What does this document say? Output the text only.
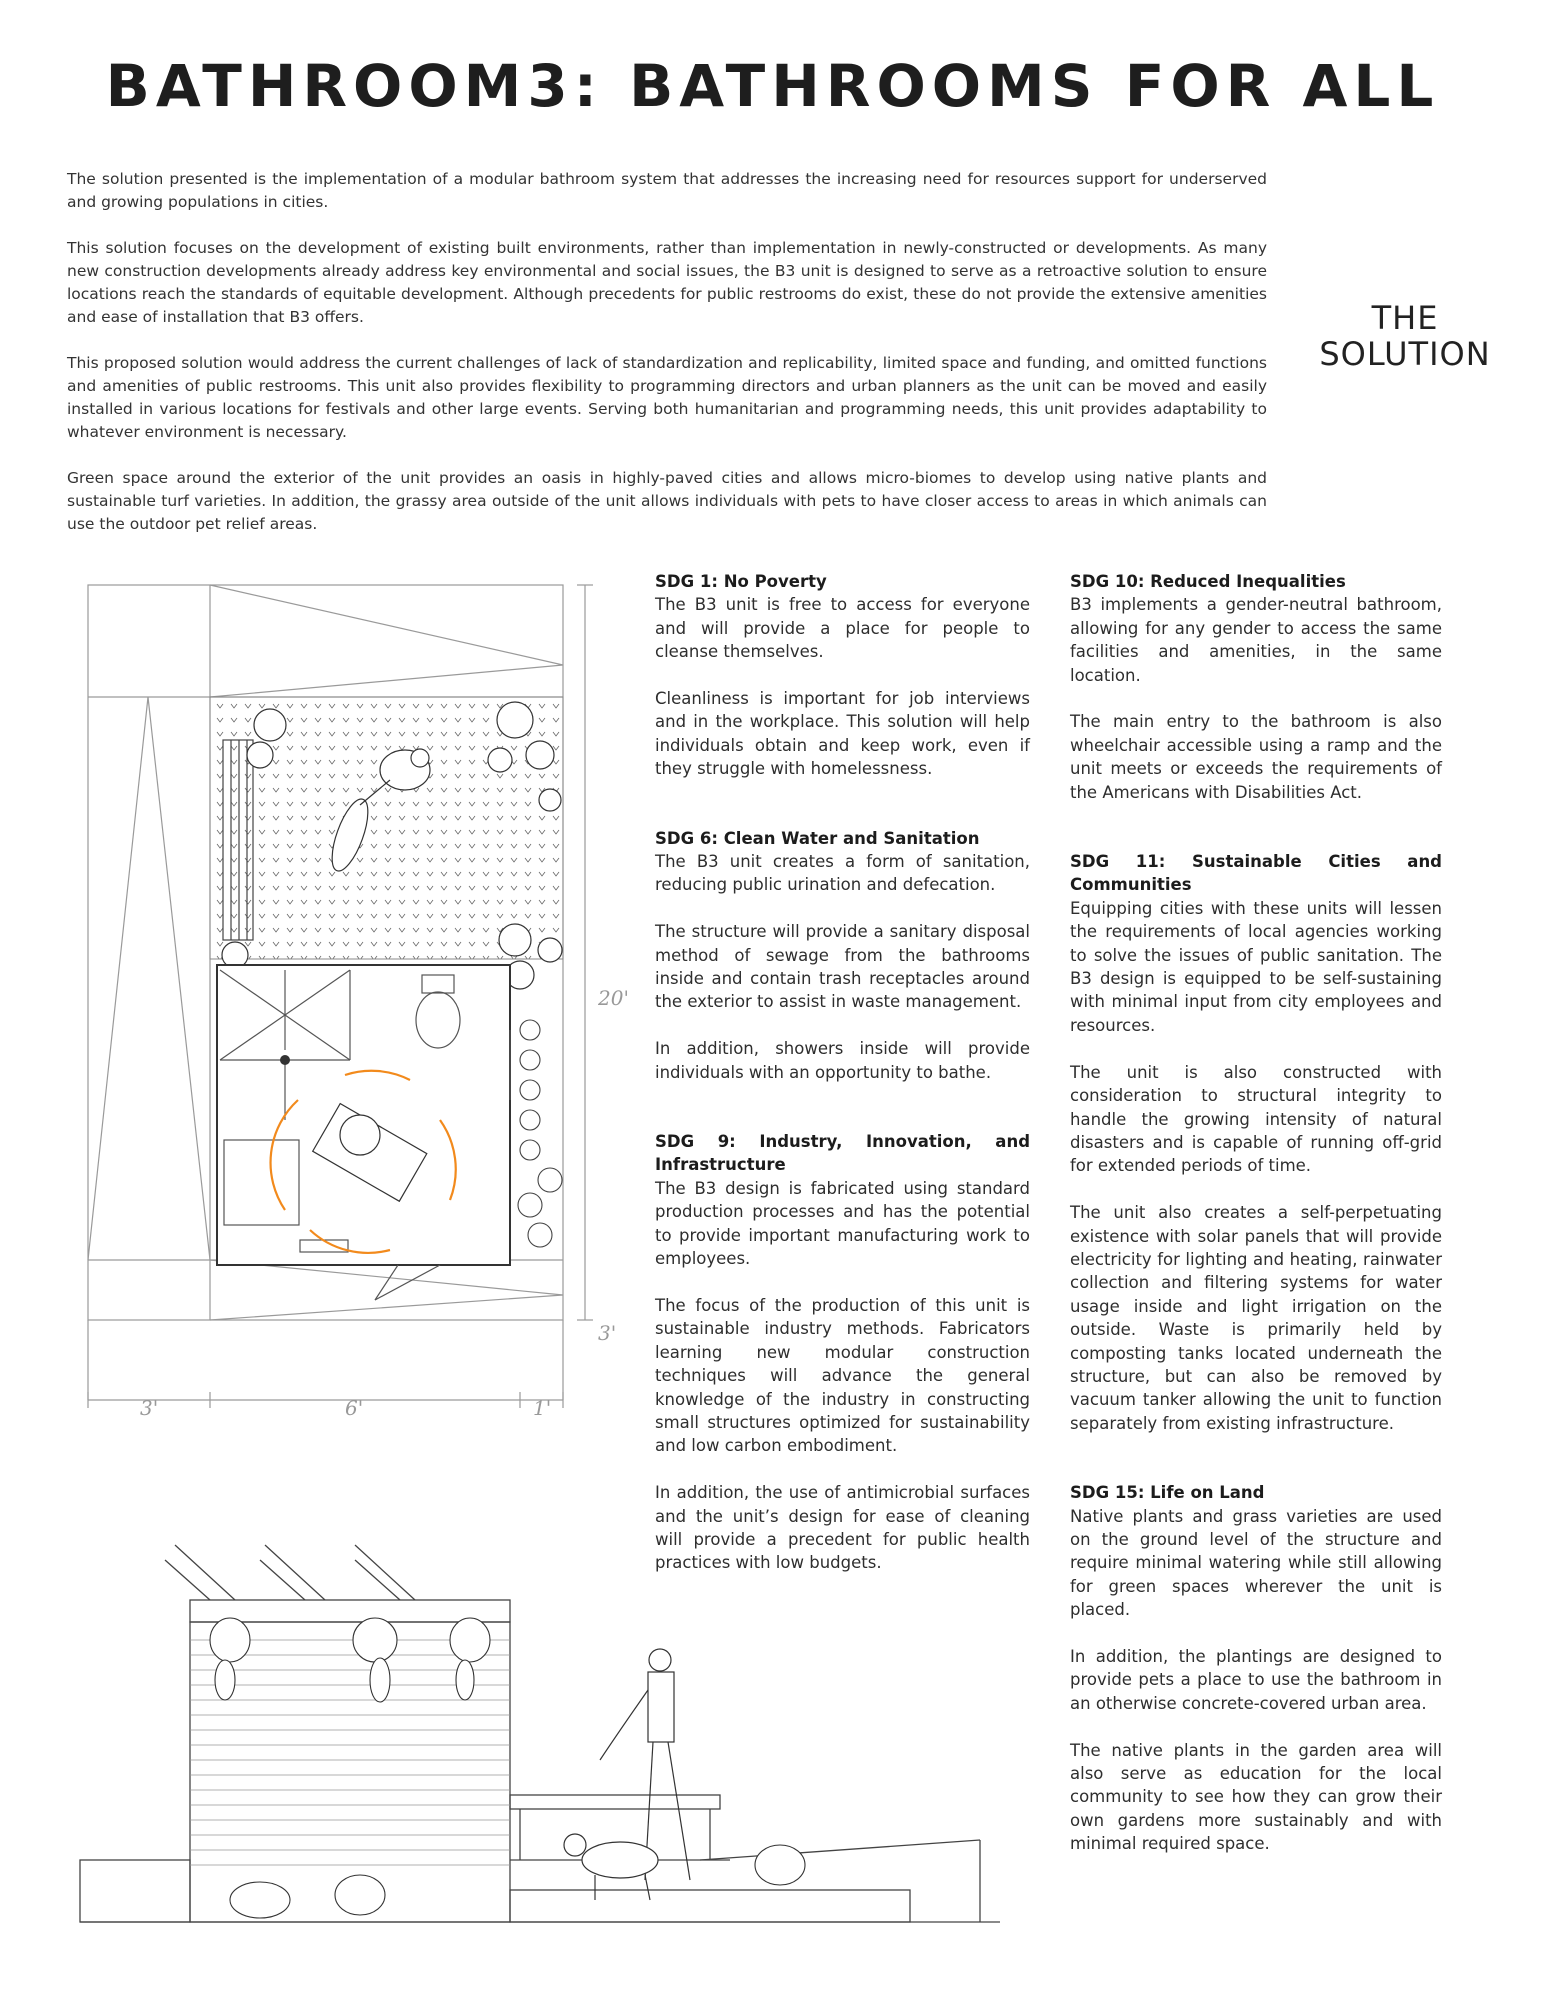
BATHROOM3: BATHROOMS FOR ALL

The solution presented is the implementation of a modular bathroom system that addresses the increasing need for resources support for underserved and growing populations in cities.

This solution focuses on the development of existing built environments, rather than implementation in newly-constructed or developments. As many new construction developments already address key environmental and social issues, the B3 unit is designed to serve as a retroactive solution to ensure locations reach the standards of equitable development. Although precedents for public restrooms do exist, these do not provide the extensive amenities and ease of installation that B3 offers.

This proposed solution would address the current challenges of lack of standardization and replicability, limited space and funding, and omitted functions and amenities of public restrooms. This unit also provides flexibility to programming directors and urban planners as the unit can be moved and easily installed in various locations for festivals and other large events. Serving both humanitarian and programming needs, this unit provides adaptability to whatever environment is necessary.

Green space around the exterior of the unit provides an oasis in highly-paved cities and allows micro-biomes to develop using native plants and sustainable turf varieties. In addition, the grassy area outside of the unit allows individuals with pets to have closer access to areas in which animals can use the outdoor pet relief areas.

THE
SOLUTION
20'
3'
3'	6'	1'
SDG 1: No Poverty

The B3 unit is free to access for everyone and will provide a place for people to cleanse themselves.

Cleanliness is important for job interviews and in the workplace. This solution will help individuals obtain and keep work, even if they struggle with homelessness.

SDG 6: Clean Water and Sanitation

The B3 unit creates a form of sanitation, reducing public urination and defecation.

The structure will provide a sanitary disposal method of sewage from the bathrooms inside and contain trash receptacles around the exterior to assist in waste management.

In addition, showers inside will provide individuals with an opportunity to bathe.

SDG 9: Industry, Innovation, and Infrastructure

The B3 design is fabricated using standard production processes and has the potential to provide important manufacturing work to employees.

The focus of the production of this unit is sustainable industry methods. Fabricators learning new modular construction techniques will advance the general knowledge of the industry in constructing small structures optimized for sustainability and low carbon embodiment.

In addition, the use of antimicrobial surfaces and the unit’s design for ease of cleaning will provide a precedent for public health practices with low budgets.

SDG 10: Reduced Inequalities

B3 implements a gender-neutral bathroom, allowing for any gender to access the same facilities and amenities, in the same location.

The main entry to the bathroom is also wheelchair accessible using a ramp and the unit meets or exceeds the requirements of the Americans with Disabilities Act.

SDG 11: Sustainable Cities and Communities

Equipping cities with these units will lessen the requirements of local agencies working to solve the issues of public sanitation. The B3 design is equipped to be self-sustaining with minimal input from city employees and resources.

The unit is also constructed with consideration to structural integrity to handle the growing intensity of natural disasters and is capable of running off-grid for extended periods of time.

The unit also creates a self-perpetuating existence with solar panels that will provide electricity for lighting and heating, rainwater collection and filtering systems for water usage inside and light irrigation on the outside. Waste is primarily held by composting tanks located underneath the structure, but can also be removed by vacuum tanker allowing the unit to function separately from existing infrastructure.

SDG 15: Life on Land

Native plants and grass varieties are used on the ground level of the structure and require minimal watering while still allowing for green spaces wherever the unit is placed.

In addition, the plantings are designed to provide pets a place to use the bathroom in an otherwise concrete-covered urban area.

The native plants in the garden area will also serve as education for the local community to see how they can grow their own gardens more sustainably and with minimal required space.
